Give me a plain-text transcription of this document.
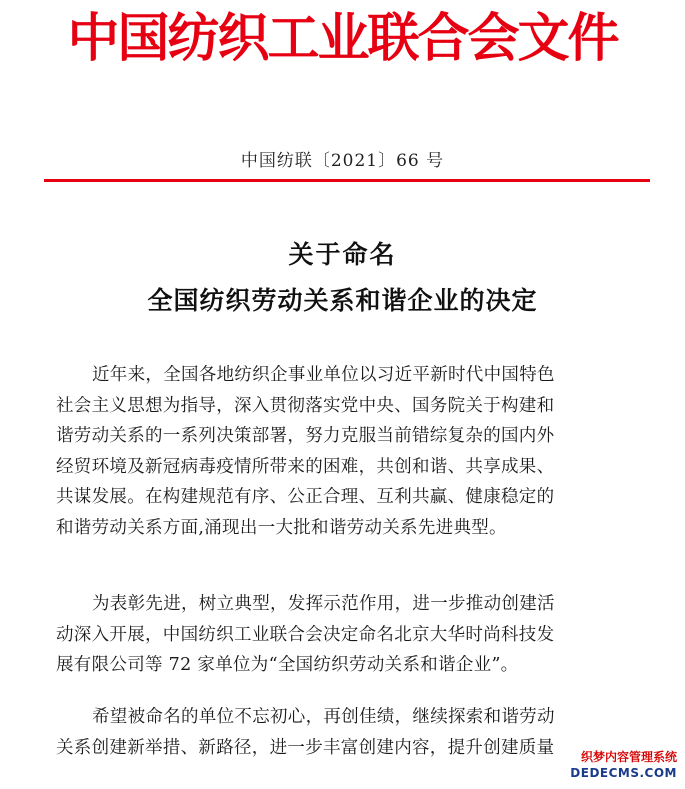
中国纺织工业联合会文件
中国纺联〔2021〕66 号
关于命名
全国纺织劳动关系和谐企业的决定
近年来，全国各地纺织企事业单位以习近平新时代中国特色
社会主义思想为指导，深入贯彻落实党中央、国务院关于构建和
谐劳动关系的一系列决策部署，努力克服当前错综复杂的国内外
经贸环境及新冠病毒疫情所带来的困难，共创和谐、共享成果、
共谋发展。在构建规范有序、公正合理、互利共赢、健康稳定的
和谐劳动关系方面,涌现出一大批和谐劳动关系先进典型。
为表彰先进，树立典型，发挥示范作用，进一步推动创建活
动深入开展，中国纺织工业联合会决定命名北京大华时尚科技发
展有限公司等 72 家单位为“全国纺织劳动关系和谐企业”。
希望被命名的单位不忘初心，再创佳绩，继续探索和谐劳动
关系创建新举措、新路径，进一步丰富创建内容，提升创建质量	织梦内容管理系统
DEDECMS.COM
